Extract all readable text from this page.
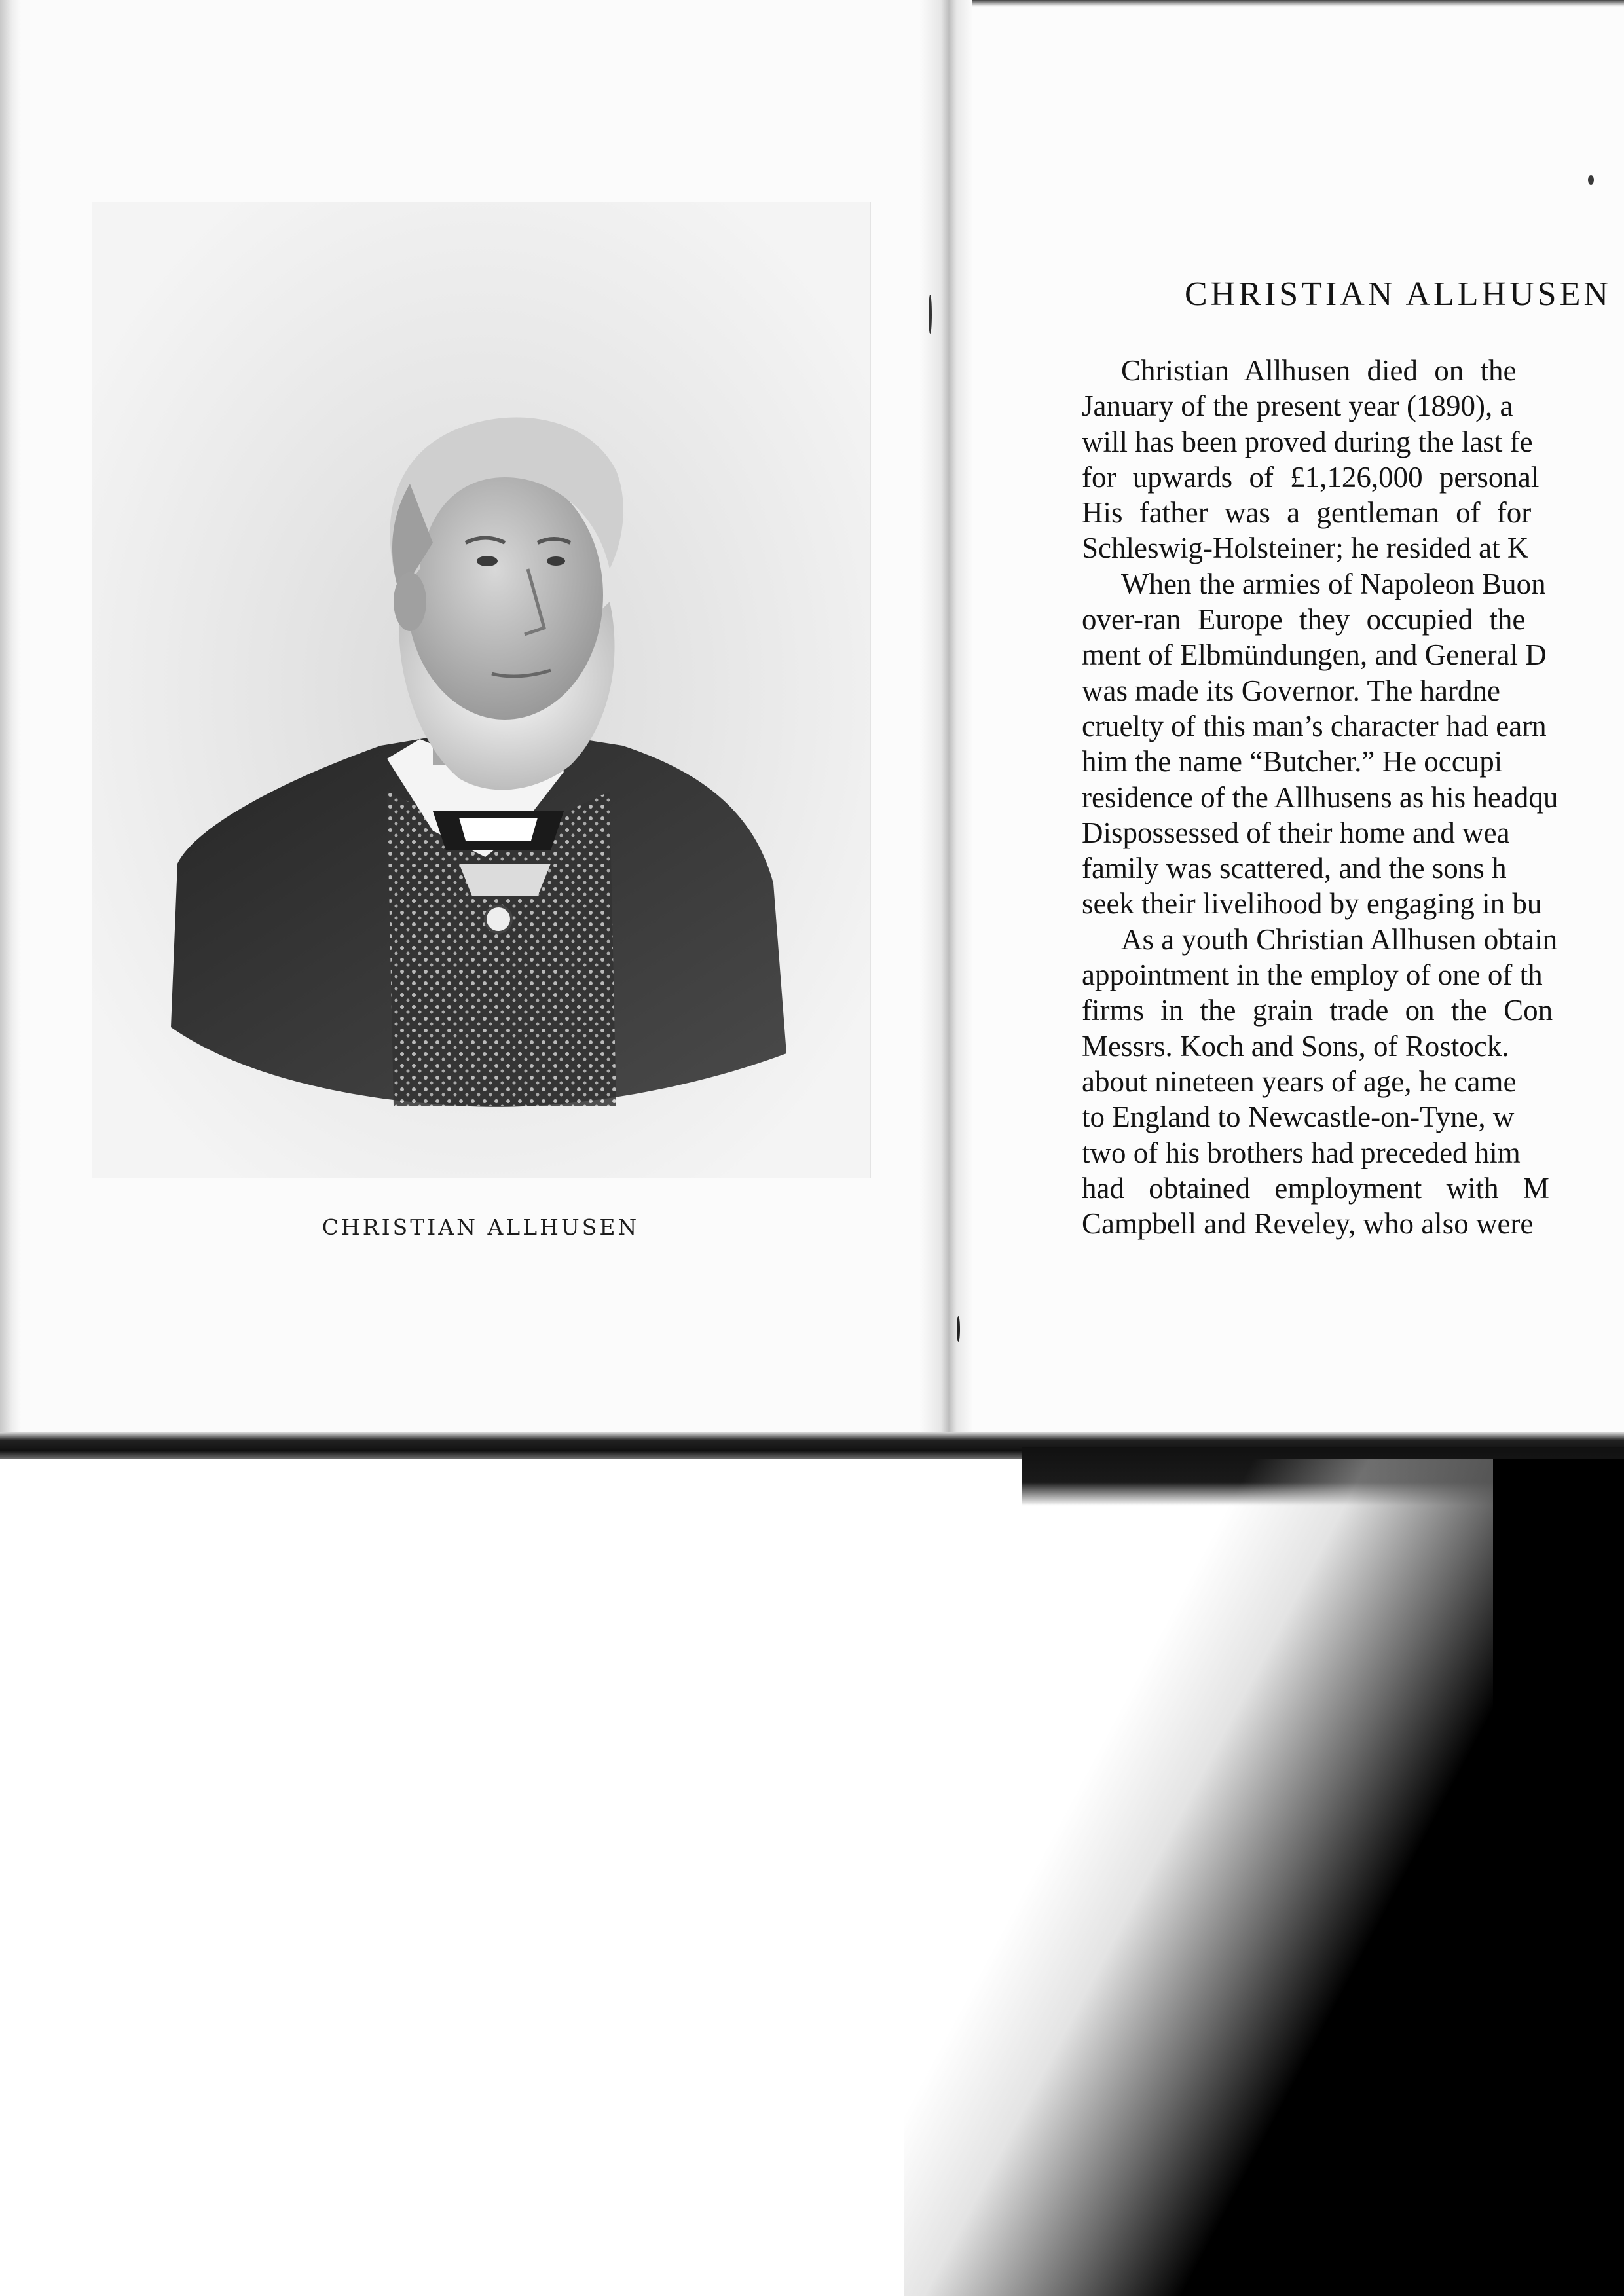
CHRISTIAN ALLHUSEN
CHRISTIAN ALLHUSEN
Christian Allhusen died on the
January of the present year (1890), a
will has been proved during the last fe
for upwards of £1,126,000 personal
His father was a gentleman of for
Schleswig-Holsteiner; he resided at K
When the armies of Napoleon Buon
over-ran Europe they occupied the
ment of Elbmündungen, and General D
was made its Governor. The hardne
cruelty of this man’s character had earn
him the name “Butcher.” He occupi
residence of the Allhusens as his headqu
Dispossessed of their home and wea
family was scattered, and the sons h
seek their livelihood by engaging in bu
As a youth Christian Allhusen obtain
appointment in the employ of one of th
firms in the grain trade on the Con
Messrs. Koch and Sons, of Rostock.
about nineteen years of age, he came
to England to Newcastle-on-Tyne, w
two of his brothers had preceded him
had obtained employment with M
Campbell and Reveley, who also were
